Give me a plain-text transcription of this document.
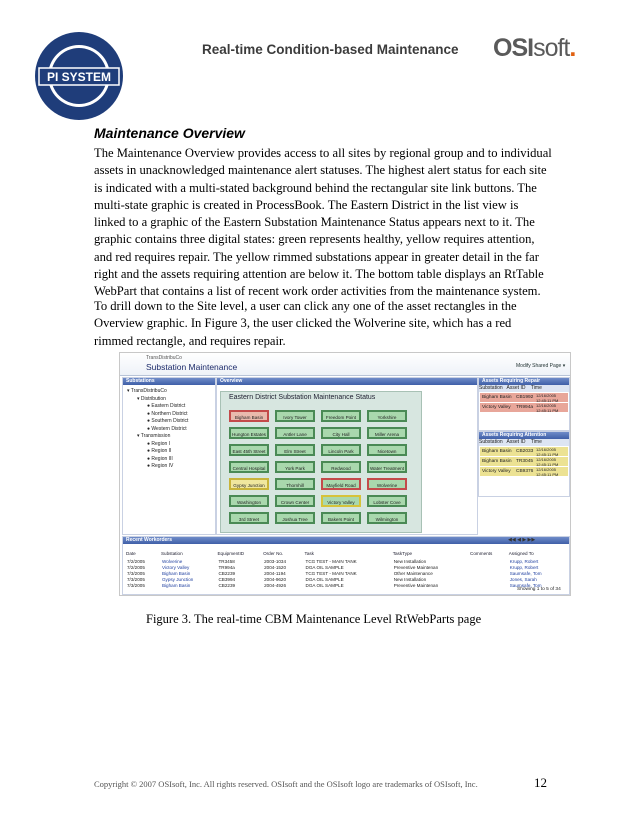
PI SYSTEM
Real-time Condition-based Maintenance OSIsoft.
Maintenance Overview
The Maintenance Overview provides access to all sites by regional group and to individual assets in unacknowledged maintenance alert statuses. The highest alert status for each site is indicated with a multi-stated background behind the rectangular site link buttons. The multi-state graphic is created in ProcessBook. The Eastern District in the list view is linked to a graphic of the Eastern Substation Maintenance Status appears next to it. The graphic contains three digital states: green represents healthy, yellow requires attention, and red requires repair. The yellow rimmed substations appear in greater detail in the far right and the assets requiring attention are below it. The bottom table displays an RtTable WebPart that contains a list of recent work order activities from the maintenance system.
To drill down to the Site level, a user can click any one of the asset rectangles in the Overview graphic. In Figure 3, the user clicked the Wolverine site, which has a red rimmed rectangle, and requires repair.
TransDistribuCo
Substation Maintenance	Modify Shared Page ▾
Substations
▾ TransDistribuCo
▾ Distribution
● Eastern District
● Northern District
● Southern District
● Western District
▾ Transmission
● Region I
● Region II
● Region III
● Region IV
Overview
Eastern District Substation Maintenance Status
Bigham Basin	Ivory Tower	Freedom Point	Yorkshire
Hungton Estates	Antler Lane	City Hall	Miller Arena
East 45th Street	Elm Street	Lincoln Park	Nicetown
Central Hospital	York Park	Redwood	Water Treatment
Gypsy Junction	Thornhill	Mayfield Road	Wolverine
Washington	Crown Center	Victory Valley	Lobster Cove
3rd Street	Joshua Tree	Bakers Point	Wilmington
Assets Requiring Repair
Substation Asset ID Time
Bigham Basin CB1992 12/16/2005 12:45:11 PM
Victory Valley TR994a 12/16/2005 12:45:11 PM
Assets Requiring Attention
Substation Asset ID Time
Bigham Basin CB2033 12/16/2005 12:45:11 PM
Bigham Basin TR3045 12/16/2005 12:45:11 PM
Victory Valley CB9376 12/16/2005 12:45:11 PM
Recent Workorders	◀◀ ◀ ▶ ▶▶
Date	Substation	EquipmentID	Order No.	Task	TaskType	Comments	Assigned To
7/2/2005	Wolverine	TR3458	2003-1034	TCG TEST - MAIN TANK	New Installation		Krupp, Robert
7/2/2005	Victory Valley	TR994a	2004-1520	DGA OIL SAMPLE	Preventive Maintenan		Krupp, Robert
7/3/2005	Bigham Basin	CB2239	2004-1194	TCG TEST - MAIN TANK	Other Maintenance		Saumsafe, Tom
7/3/2005	Gypsy Junction	CB3994	2004-9620	DGA OIL SAMPLE	New Installation		Jones, Sarah
7/3/2005	Bigham Basin	CB2239	2004-4926	DGA OIL SAMPLE	Preventive Maintenan		Saumsafe, Tom
Showing 1 to 5 of 34
Figure 3. The real-time CBM Maintenance Level RtWebParts page
Copyright © 2007 OSIsoft, Inc. All rights reserved. OSIsoft and the OSIsoft logo are trademarks of OSIsoft, Inc.	12
